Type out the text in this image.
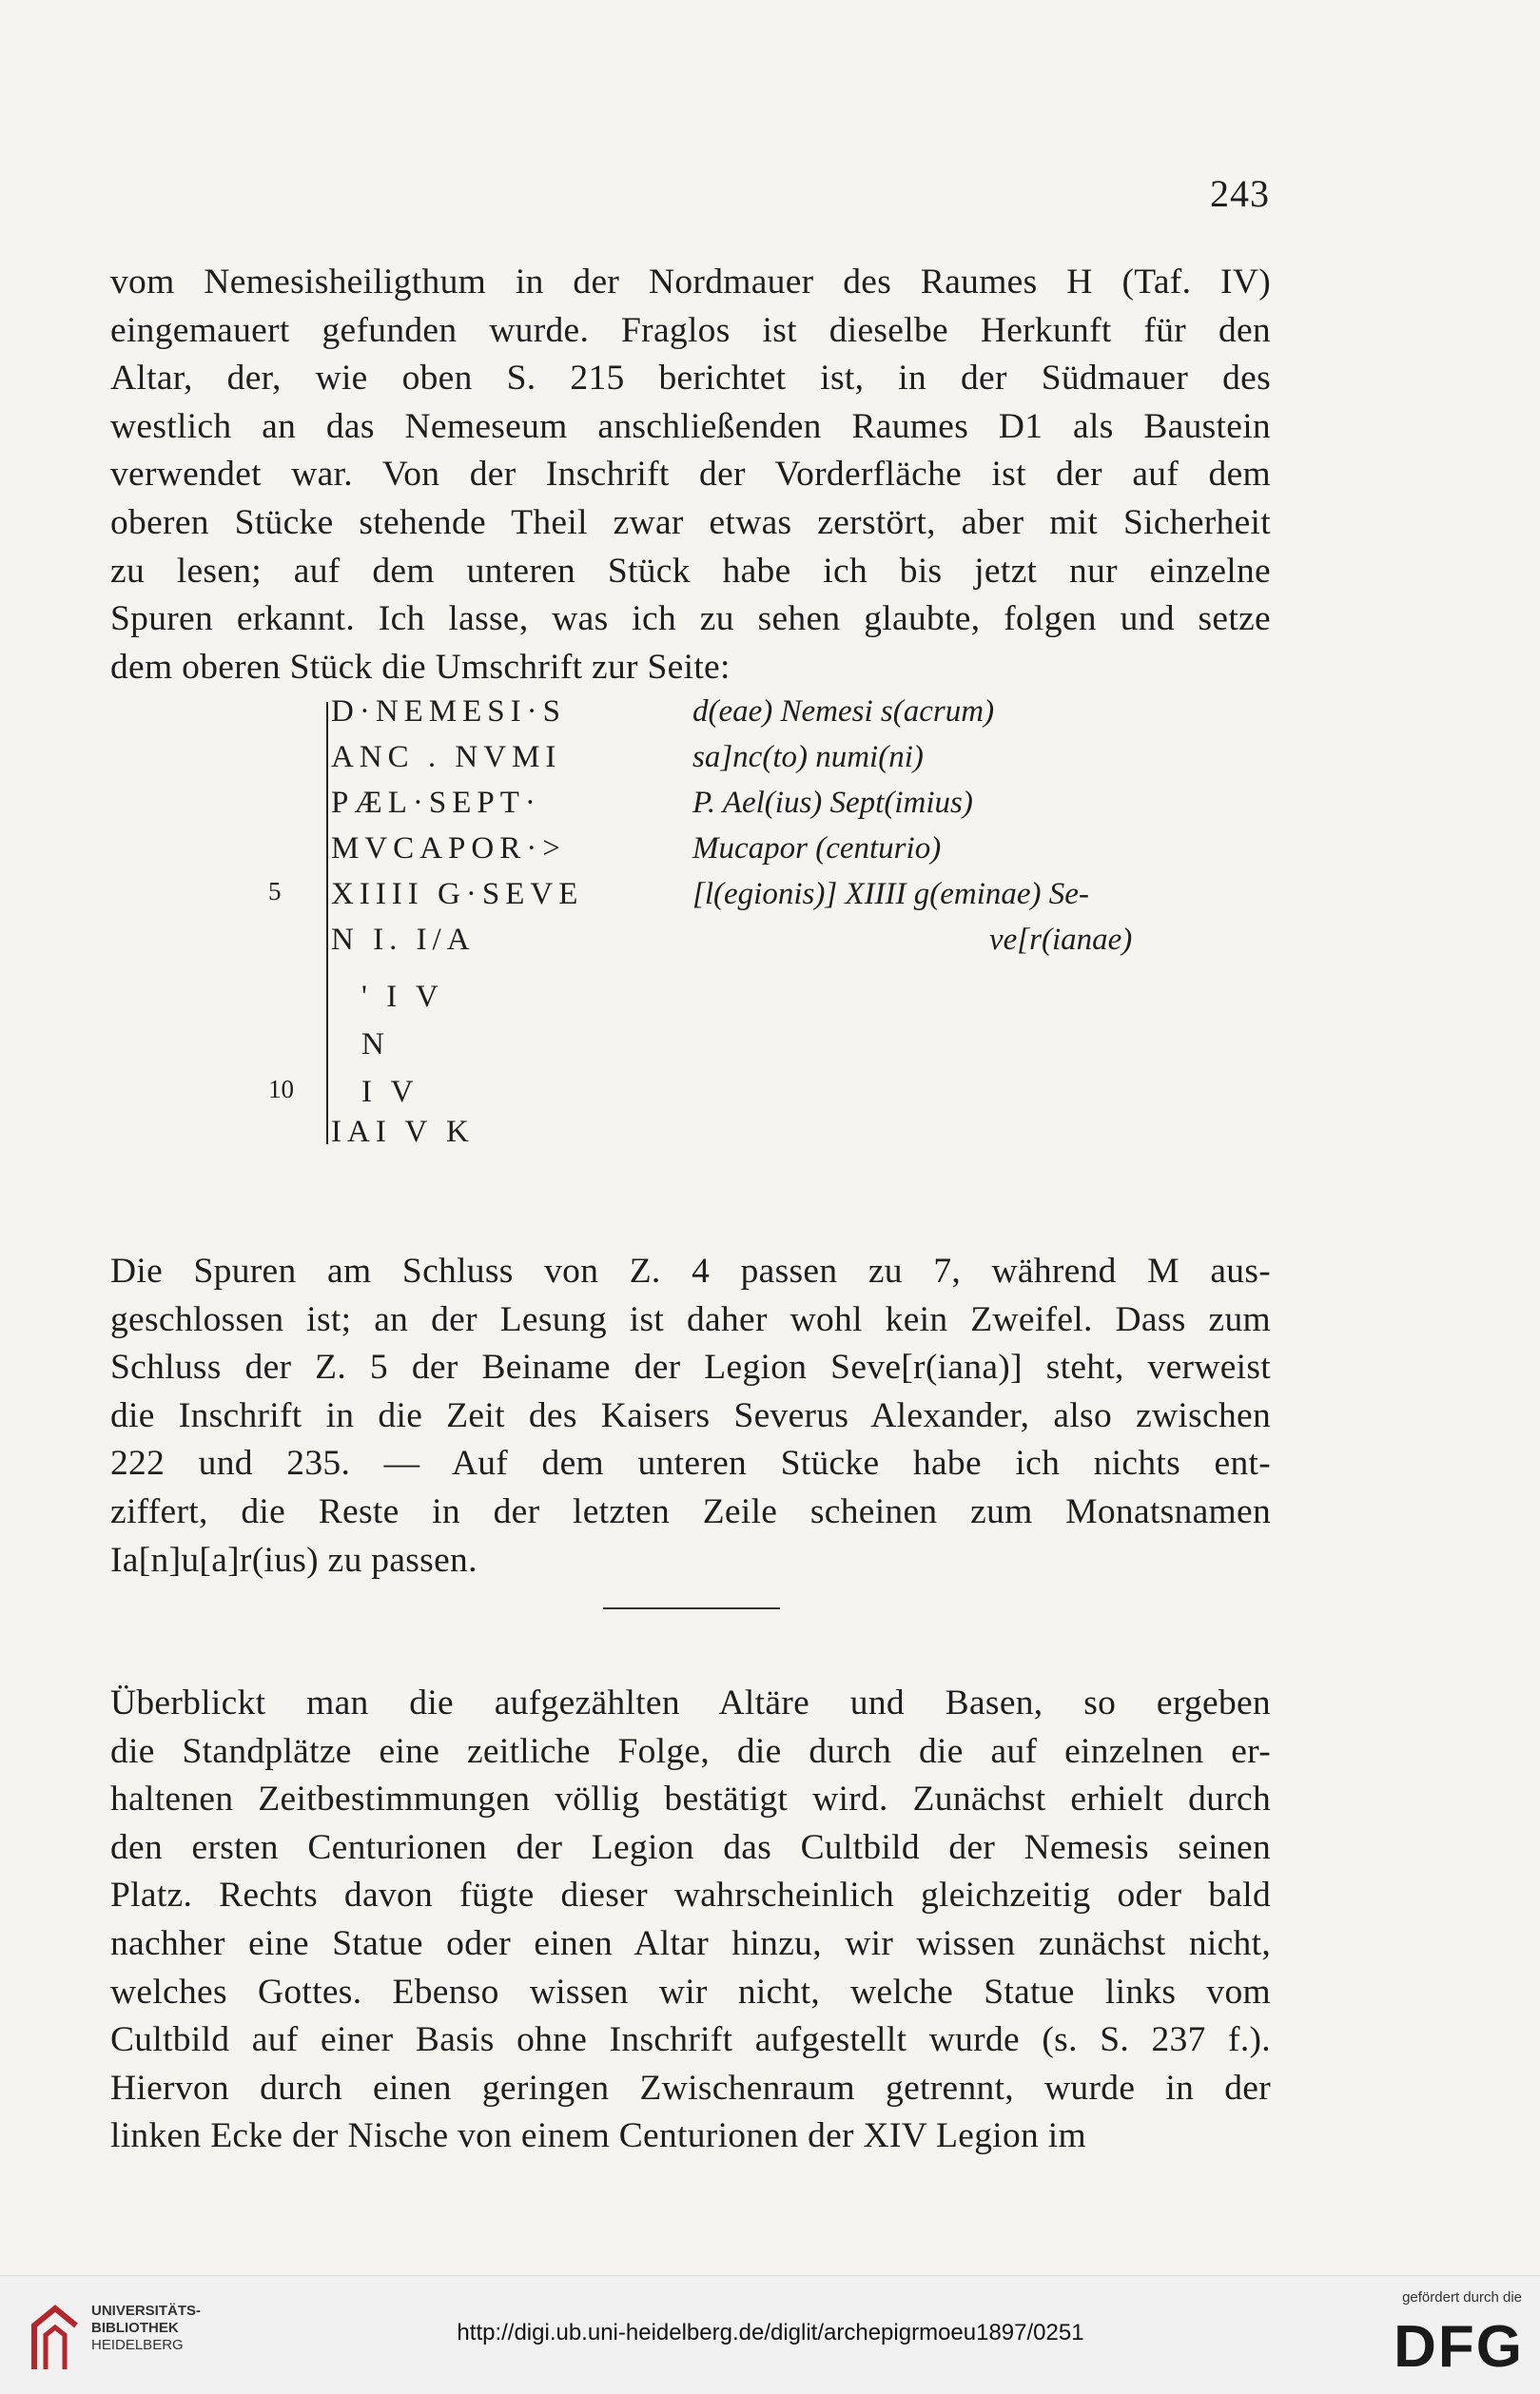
243
vom Nemesisheiligthum in der Nordmauer des Raumes H (Taf. IV)
eingemauert gefunden wurde. Fraglos ist dieselbe Herkunft für den
Altar, der, wie oben S. 215 berichtet ist, in der Südmauer des
westlich an das Nemeseum anschließenden Raumes D1 als Baustein
verwendet war. Von der Inschrift der Vorderfläche ist der auf dem
oberen Stücke stehende Theil zwar etwas zerstört, aber mit Sicherheit
zu lesen; auf dem unteren Stück habe ich bis jetzt nur einzelne
Spuren erkannt. Ich lasse, was ich zu sehen glaubte, folgen und setze
dem oberen Stück die Umschrift zur Seite:
D·NEMESI·S	d(eae) Nemesi s(acrum)
ANC . NVMI	sa]nc(to) numi(ni)
PÆL·SEPT·	P. Ael(ius) Sept(imius)
MVCAPOR·>	Mucapor (centurio)
5 XIIII G·SEVE	[l(egionis)] XIIII g(eminae) Se-
N I. I/A	ve[r(ianae)
' I V
N
10 I V
IAI V K
Die Spuren am Schluss von Z. 4 passen zu 7, während M aus-
geschlossen ist; an der Lesung ist daher wohl kein Zweifel. Dass zum
Schluss der Z. 5 der Beiname der Legion Seve[r(iana)] steht, verweist
die Inschrift in die Zeit des Kaisers Severus Alexander, also zwischen
222 und 235. — Auf dem unteren Stücke habe ich nichts ent-
ziffert, die Reste in der letzten Zeile scheinen zum Monatsnamen
Ia[n]u[a]r(ius) zu passen.
Überblickt man die aufgezählten Altäre und Basen, so ergeben
die Standplätze eine zeitliche Folge, die durch die auf einzelnen er-
haltenen Zeitbestimmungen völlig bestätigt wird. Zunächst erhielt durch
den ersten Centurionen der Legion das Cultbild der Nemesis seinen
Platz. Rechts davon fügte dieser wahrscheinlich gleichzeitig oder bald
nachher eine Statue oder einen Altar hinzu, wir wissen zunächst nicht,
welches Gottes. Ebenso wissen wir nicht, welche Statue links vom
Cultbild auf einer Basis ohne Inschrift aufgestellt wurde (s. S. 237 f.).
Hiervon durch einen geringen Zwischenraum getrennt, wurde in der
linken Ecke der Nische von einem Centurionen der XIV Legion im
UNIVERSITÄTS-
BIBLIOTHEK
HEIDELBERG	http://digi.ub.uni-heidelberg.de/diglit/archepigrmoeu1897/0251
gefördert durch die
DFG
